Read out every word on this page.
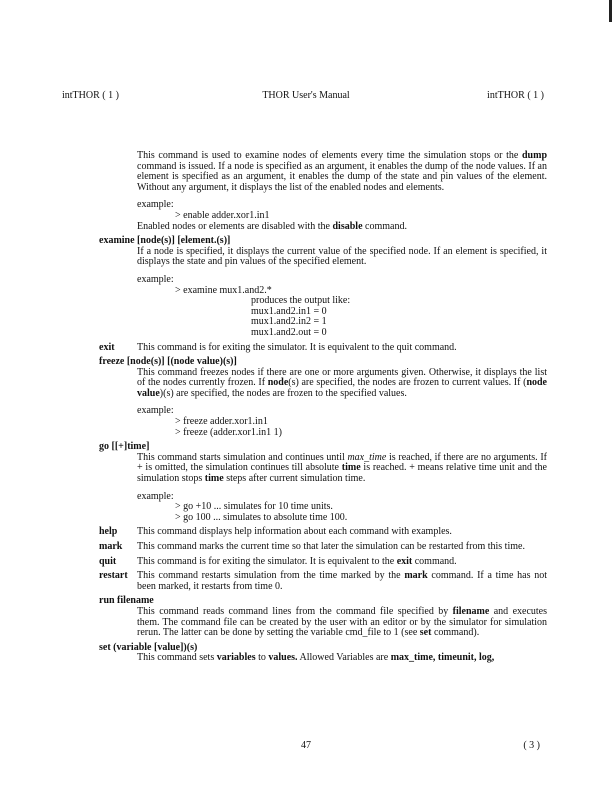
intTHOR ( 1 )	THOR User's Manual	intTHOR ( 1 )
This command is used to examine nodes of elements every time the simulation stops or the dump command is issued. If a node is specified as an argument, it enables the dump of the node values. If an element is specified as an argument, it enables the dump of the state and pin values of the element. Without any argument, it displays the list of the enabled nodes and elements.
example:
> enable adder.xor1.in1
Enabled nodes or elements are disabled with the disable command.
examine [node(s)] [element.(s)]
If a node is specified, it displays the current value of the specified node. If an element is specified, it displays the state and pin values of the specified element.
example:
> examine mux1.and2.*
produces the output like:
mux1.and2.in1 = 0
mux1.and2.in2 = 1
mux1.and2.out = 0
exit	This command is for exiting the simulator. It is equivalent to the quit command.
freeze [node(s)] [(node value)(s)]
This command freezes nodes if there are one or more arguments given. Otherwise, it displays the list of the nodes currently frozen. If node(s) are specified, the nodes are frozen to current values. If (node value)(s) are specified, the nodes are frozen to the specified values.
example:
> freeze adder.xor1.in1
> freeze (adder.xor1.in1 1)
go [[+]time]
This command starts simulation and continues until max_time is reached, if there are no arguments. If + is omitted, the simulation continues till absolute time is reached. + means relative time unit and the simulation stops time steps after current simulation time.
example:
> go +10 ... simulates for 10 time units.
> go 100 ... simulates to absolute time 100.
help	This command displays help information about each command with examples.
mark	This command marks the current time so that later the simulation can be restarted from this time.
quit	This command is for exiting the simulator. It is equivalent to the exit command.
restart This command restarts simulation from the time marked by the mark command. If a time has not been marked, it restarts from time 0.
run filename
This command reads command lines from the command file specified by filename and executes them. The command file can be created by the user with an editor or by the simulator for simulation rerun. The latter can be done by setting the variable cmd_file to 1 (see set command).
set (variable [value])(s)
This command sets variables to values. Allowed Variables are max_time, timeunit, log,
47	( 3 )
